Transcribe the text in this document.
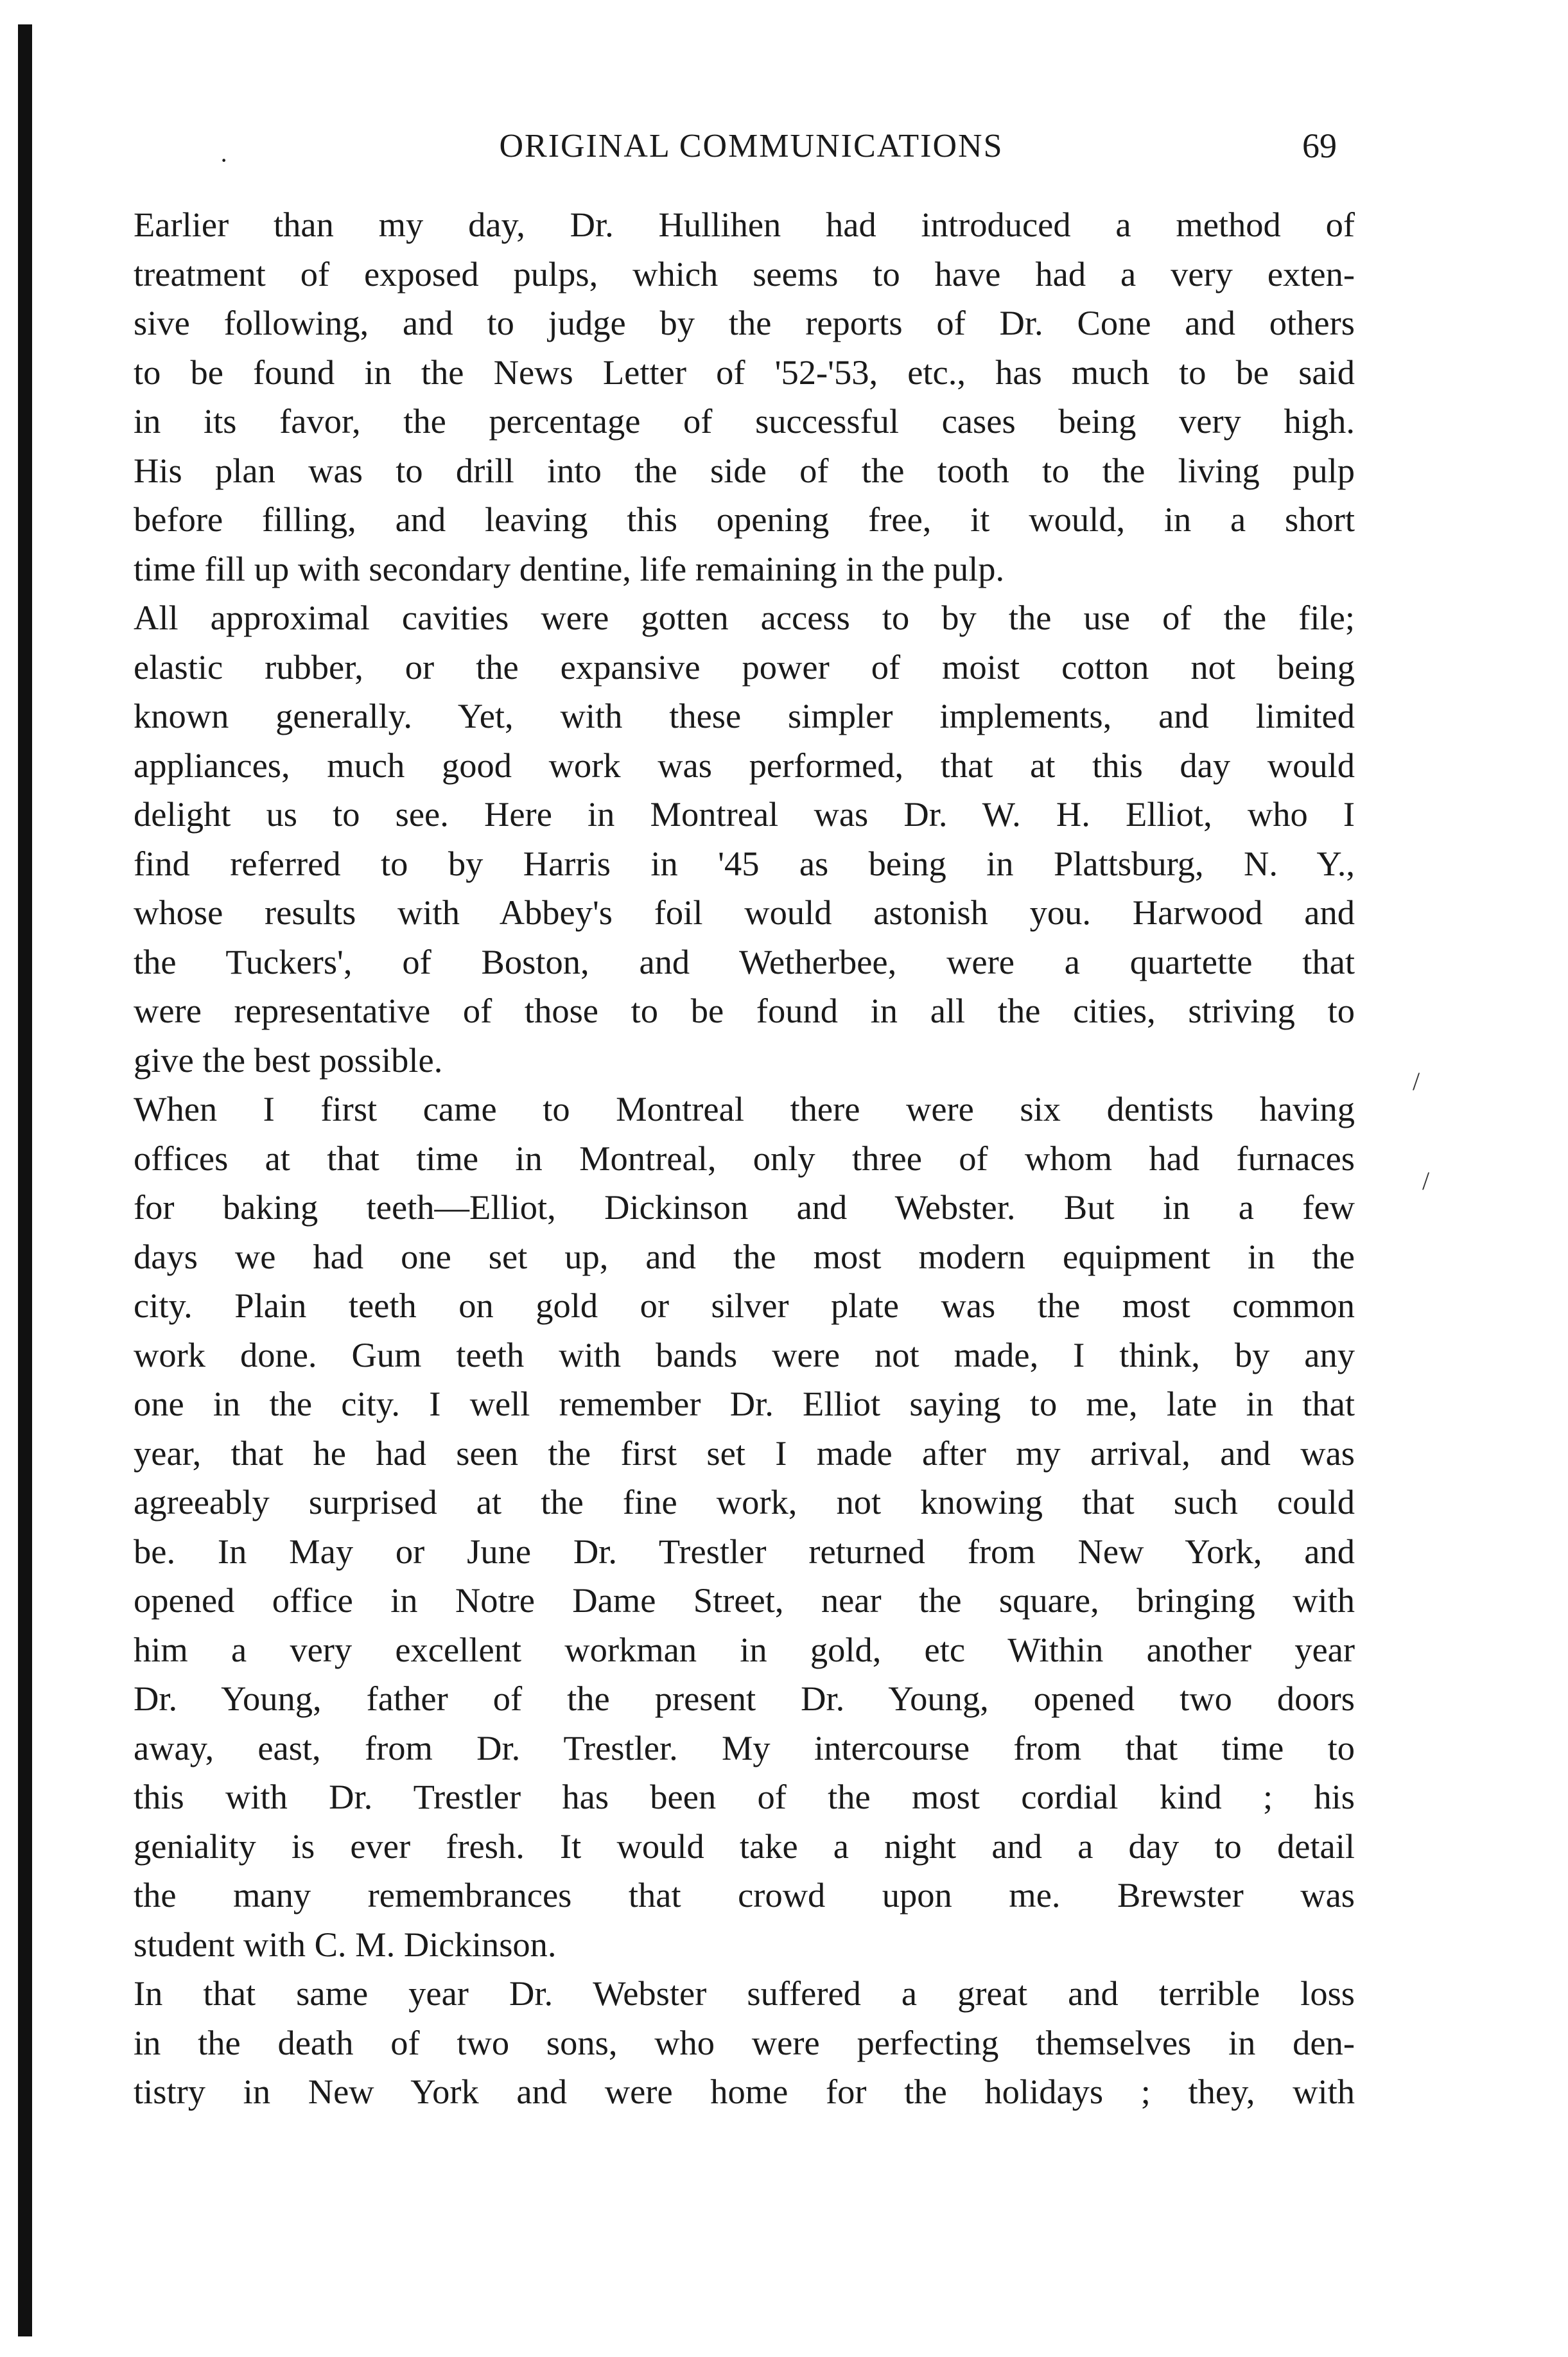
·	ORIGINAL COMMUNICATIONS	69

Earlier than my day, Dr. Hullihen had introduced a method of
treatment of exposed pulps, which seems to have had a very exten-
sive following, and to judge by the reports of Dr. Cone and others
to be found in the News Letter of '52-'53, etc., has much to be said
in its favor, the percentage of successful cases being very high.
His plan was to drill into the side of the tooth to the living pulp
before filling, and leaving this opening free, it would, in a short
time fill up with secondary dentine, life remaining in the pulp.

All approximal cavities were gotten access to by the use of the file;
elastic rubber, or the expansive power of moist cotton not being
known generally. Yet, with these simpler implements, and limited
appliances, much good work was performed, that at this day would
delight us to see. Here in Montreal was Dr. W. H. Elliot, who I
find referred to by Harris in '45 as being in Plattsburg, N. Y.,
whose results with Abbey's foil would astonish you. Harwood and
the Tuckers', of Boston, and Wetherbee, were a quartette that
were representative of those to be found in all the cities, striving to
give the best possible.

When I first came to Montreal there were six dentists having
offices at that time in Montreal, only three of whom had furnaces
for baking teeth—Elliot, Dickinson and Webster. But in a few
days we had one set up, and the most modern equipment in the
city. Plain teeth on gold or silver plate was the most common
work done. Gum teeth with bands were not made, I think, by any
one in the city. I well remember Dr. Elliot saying to me, late in that
year, that he had seen the first set I made after my arrival, and was
agreeably surprised at the fine work, not knowing that such could
be. In May or June Dr. Trestler returned from New York, and
opened office in Notre Dame Street, near the square, bringing with
him a very excellent workman in gold, etc Within another year
Dr. Young, father of the present Dr. Young, opened two doors
away, east, from Dr. Trestler. My intercourse from that time to
this with Dr. Trestler has been of the most cordial kind ; his
geniality is ever fresh. It would take a night and a day to detail
the many remembrances that crowd upon me. Brewster was
student with C. M. Dickinson.

In that same year Dr. Webster suffered a great and terrible loss
in the death of two sons, who were perfecting themselves in den-
tistry in New York and were home for the holidays ; they, with

/
/
